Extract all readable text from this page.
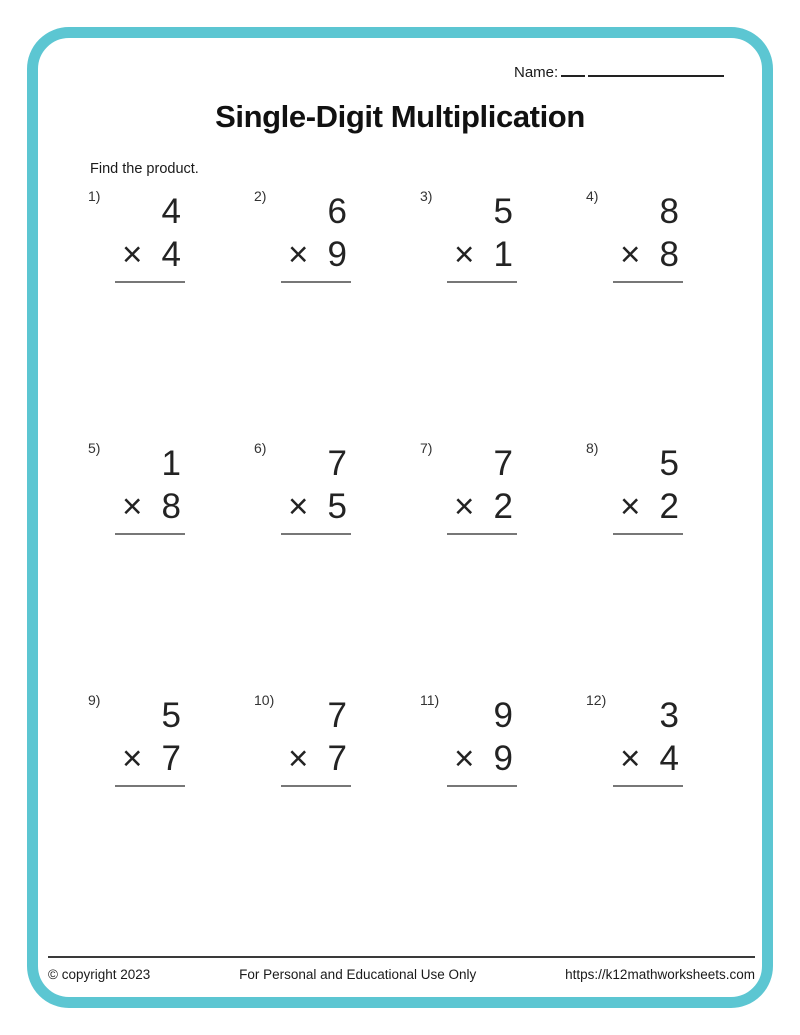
Name:
Single-Digit Multiplication
Find the product.
1)	4
× 4
2)	6
× 9
3)	5
× 1
4)	8
× 8
5)	1
× 8
6)	7
× 5
7)	7
× 2
8)	5
× 2
9)	5
× 7
10)	7
× 7
11)	9
× 9
12)	3
× 4
© copyright 2023	For Personal and Educational Use Only	https://k12mathworksheets.com
